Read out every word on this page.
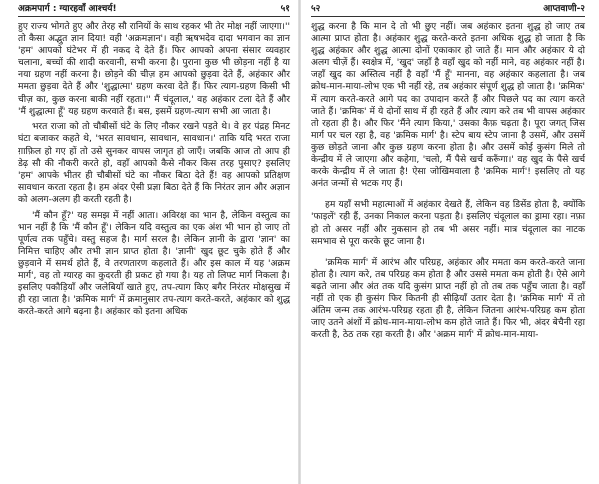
अक्रमपार्ग : ग्यारहवाँ आश्चर्य!	५१

हुए राज्य भोगते हुए और तेरह सौ रानियों के साथ रहकर भी तेर मोक्ष नहीं जाएगा।'' तो कैसा अद्भुत ज्ञान दिया! वही 'अक्रमज्ञान'। वही ऋषभदेव दादा भगवान का ज्ञान 'हम' आपको घंटेभर में ही नकद दे देते हैं। फिर आपको अपना संसार व्यवहार चलाना, बच्चों की शादी करवानी, सभी करना है। पुराना कुछ भी छोड़ना नहीं है या नया ग्रहण नहीं करना है। छोड़ने की चीज़ हम आपको छुड़वा देते हैं, अहंकार और ममता छुड़वा देते हैं और 'शुद्धात्मा' ग्रहण करवा देते हैं। फिर त्याग-ग्रहण किसी भी चीज़ का, कुछ करना बाकी नहीं रहता।'' मैं चंदूलाल,' वह अहंकार टला देते हैं और 'मैं शुद्धात्मा हूँ' यह ग्रहण करवाते हैं। बस, इसमें ग्रहण-त्याग सभी आ जाता है।

भरत राजा को तो चौबीसों घंटे के लिए नौकर रखने पड़ते थे। वे हर पंद्रह मिनट घंटा बजाकर कहते थे, 'भरत सावधान, सावधान, सावधान।' ताकि यदि भरत राजा ग़ाफ़िल हो गए हों तो उसे सुनकर वापस जागृत हो जाएँ। जबकि आज तो आप ही डेढ़ सौ की नौकरी करते हो, वहाँ आपको कैसे नौकर किस तरह पुसाए? इसलिए 'हम' आपके भीतर ही चौबीसों घंटे का नौकर बिठा देते हैं! वह आपको प्रतिक्षण सावधान करता रहता है। हम अंदर ऐसी प्रज्ञा बिठा देते हैं कि निरंतर ज्ञान और अज्ञान को अलग-अलग ही करती रहती है।

'मैं कौन हूँ?' यह समझ में नहीं आता। अविरक्ष का भान है, लेकिन वस्तुत्व का भान नहीं है कि 'मैं कौन हूँ'। लेकिन यदि वस्तुत्व का एक अंश भी भान हो जाए तो पूर्णत्व तक पहुँचे। वस्तु सहज है। मार्ग सरल है। लेकिन ज्ञानी के द्वारा 'ज्ञान' का निमित्त चाहिए और तभी ज्ञान प्राप्त होता है। 'ज्ञानी' खुद छूट चुके होते हैं और छुड़वाने में समर्थ होते हैं, वे तरणतारण कहलाते हैं। और इस काल में यह 'अक्रम मार्ग', वह तो ग्यारह का कुदरती ही प्रकट हो गया है। यह तो लिफ्ट मार्ग निकला है। इसलिए पकौड़ियाँ और जलेबियाँ खाते हुए, तप-त्याग किए बगैर निरंतर मोक्षसुख में ही रहा जाता है। 'क्रमिक मार्ग' में क्रमानुसार तप-त्याग करते-करते, अहंकार को शुद्ध करते-करते आगे बढ़ना है। अहंकार को इतना अधिक

५२	आप्तवाणी-२

शुद्ध करना है कि मान दे तो भी छुए नहीं। जब अहंकार इतना शुद्ध हो जाए तब आत्मा प्राप्त होता है। अहंकार शुद्ध करते-करते इतना अधिक शुद्ध हो जाता है कि शुद्ध अहंकार और शुद्ध आत्मा दोनों एकाकार हो जाते हैं। मान और अहंकार ये दो अलग चीज़ें हैं। स्वक्षेत्र में, 'खुद' जहाँ है वहाँ खुद को नहीं माने, वह अहंकार नहीं है। जहाँ खुद का अस्तित्व नहीं है वहाँ 'मैं हूँ' मानना, वह अहंकार कहलाता है। जब क्रोध-मान-माया-लोभ एक भी नहीं रहे, तब अहंकार संपूर्ण शुद्ध हो जाता है। 'क्रमिक' में त्याग करते-करते आगे पद का उपादान करते हैं और पिछले पद का त्याग करते जाते हैं। 'क्रमिक' में ये दोनों साथ में ही रहते हैं और त्याग करे तब भी वापस अहंकार तो रहता ही है। और फिर 'मैंने त्याग किया,' उसका कैफ़ चढ़ता है। पूरा जगत् जिस मार्ग पर चल रहा है, वह 'क्रमिक मार्ग' है। स्टेप बाय स्टेप जाना है उसमें, और उसमें कुछ छोड़ते जाना और कुछ ग्रहण करना होता है। और उसमें कोई कुसंग मिले तो केन्द्रीय में ले जाएगा और कहेगा, 'चलो, मैं पैसे खर्च करूँगा।' वह खुद के पैसे खर्च करके केन्द्रीय में ले जाता है! ऐसा जोखिमवाला है 'क्रमिक मार्ग'! इसलिए तो यह अनंत जन्मों से भटक गए हैं।

हम यहाँ सभी महात्माओं में अहंकार देखते हैं, लेकिन वह डिसेंड होता है, क्योंकि 'फाइलें' रही हैं, उनका निकाल करना पड़ता है। इसलिए चंदूलाल का ड्रामा रहा। नफ़ा हो तो असर नहीं और नुकसान हो तब भी असर नहीं। मात्र चंदूलाल का नाटक समभाव से पूरा करके छूट जाना है।

'क्रमिक मार्ग' में आरंभ और परिग्रह, अहंकार और ममता कम करते-करते जाना होता है। त्याग करे, तब परिग्रह कम होता है और उससे ममता कम होती है। ऐसे आगे बढ़ते जाना और अंत तक यदि कुसंग प्राप्त नहीं हो तो तब तक पहुँच जाता है। वहाँ नहीं तो एक ही कुसंग फिर कितनी ही सीढ़ियाँ उतार देता है। 'क्रमिक मार्ग' में तो अंतिम जन्म तक आरंभ-परिग्रह रहता ही है, लेकिन जितना आरंभ-परिग्रह कम होता जाए उतने अंशों में क्रोध-मान-माया-लोभ कम होते जाते हैं। फिर भी, अंदर बेचैनी रहा करती है, ठेठ तक रहा करती है। और 'अक्रम मार्ग' में क्रोध-मान-माया-
